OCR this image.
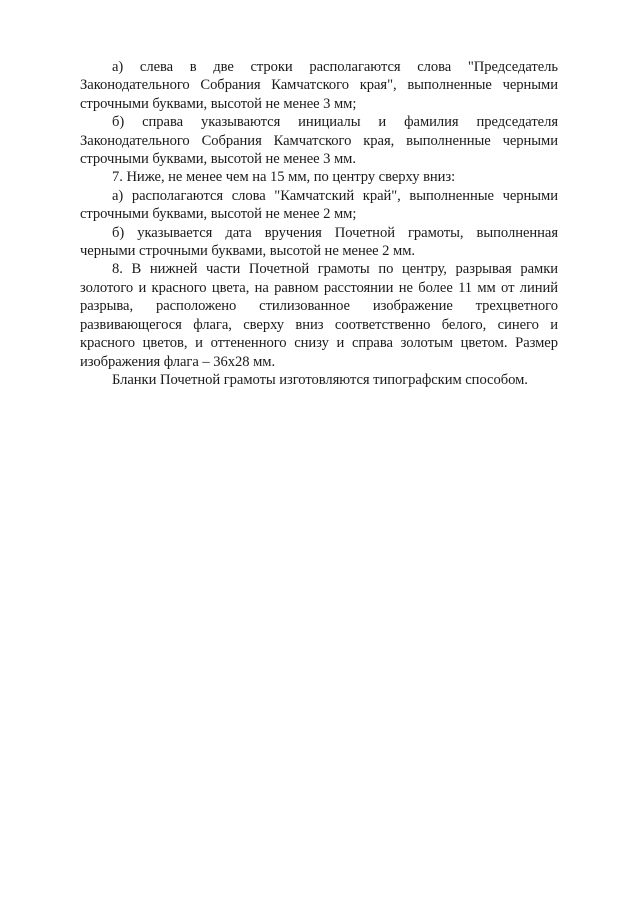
а) слева в две строки располагаются слова "Председатель Законодательного Собрания Камчатского края", выполненные черными строчными буквами, высотой не менее 3 мм;

б) справа указываются инициалы и фамилия председателя Законодательного Собрания Камчатского края, выполненные черными строчными буквами, высотой не менее 3 мм.

7. Ниже, не менее чем на 15 мм, по центру сверху вниз:

а) располагаются слова "Камчатский край", выполненные черными строчными буквами, высотой не менее 2 мм;

б) указывается дата вручения Почетной грамоты, выполненная черными строчными буквами, высотой не менее 2 мм.

8. В нижней части Почетной грамоты по центру, разрывая рамки золотого и красного цвета, на равном расстоянии не более 11 мм от линий разрыва, расположено стилизованное изображение трехцветного развивающегося флага, сверху вниз соответственно белого, синего и красного цветов, и оттененного снизу и справа золотым цветом. Размер изображения флага – 36x28 мм.

Бланки Почетной грамоты изготовляются типографским способом.
